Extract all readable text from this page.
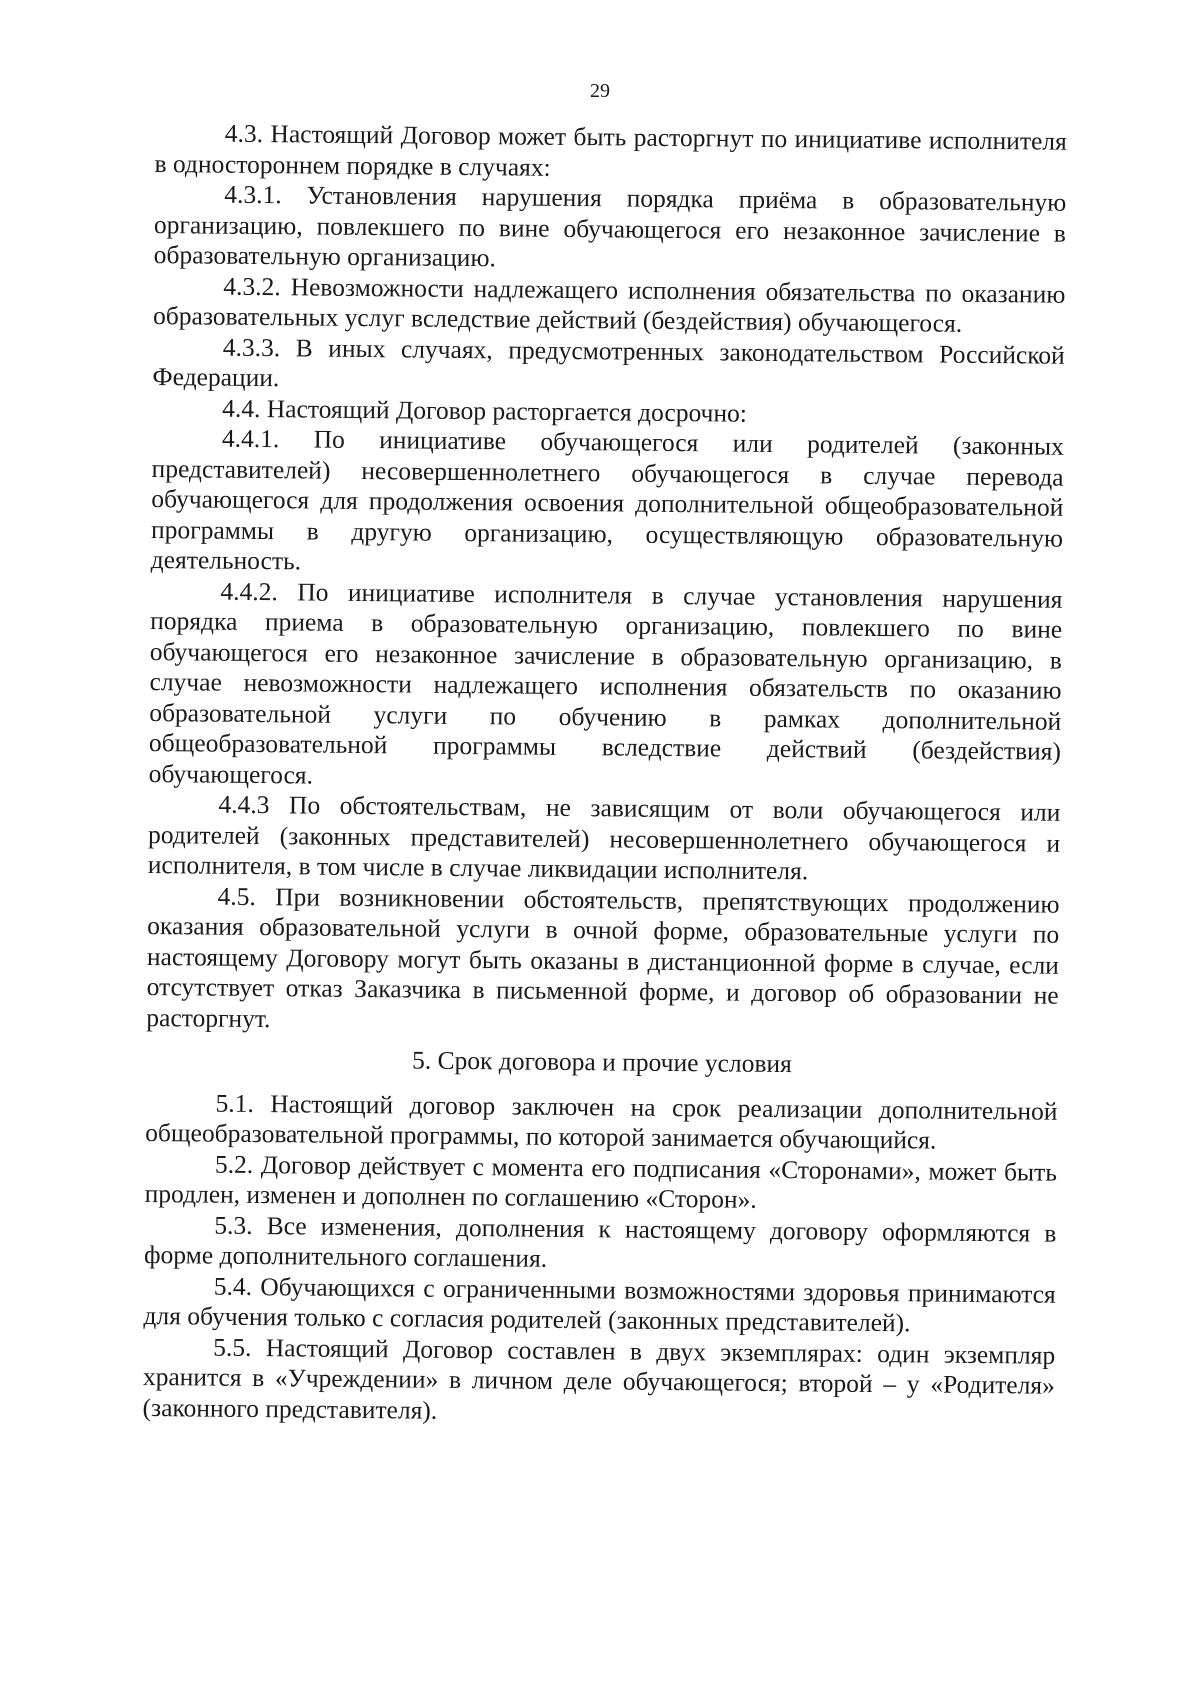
29

4.3. Настоящий Договор может быть расторгнут по инициативе исполнителя в одностороннем порядке в случаях:

4.3.1. Установления нарушения порядка приёма в образовательную организацию, повлекшего по вине обучающегося его незаконное зачисление в образовательную организацию.

4.3.2. Невозможности надлежащего исполнения обязательства по оказанию образовательных услуг вследствие действий (бездействия) обучающегося.

4.3.3. В иных случаях, предусмотренных законодательством Российской Федерации.

4.4. Настоящий Договор расторгается досрочно:

4.4.1. По инициативе обучающегося или родителей (законных представителей) несовершеннолетнего обучающегося в случае перевода обучающегося для продолжения освоения дополнительной общеобразовательной программы в другую организацию, осуществляющую образовательную деятельность.

4.4.2. По инициативе исполнителя в случае установления нарушения порядка приема в образовательную организацию, повлекшего по вине обучающегося его незаконное зачисление в образовательную организацию, в случае невозможности надлежащего исполнения обязательств по оказанию образовательной услуги по обучению в рамках дополнительной общеобразовательной программы вследствие действий (бездействия) обучающегося.

4.4.3 По обстоятельствам, не зависящим от воли обучающегося или родителей (законных представителей) несовершеннолетнего обучающегося и исполнителя, в том числе в случае ликвидации исполнителя.

4.5. При возникновении обстоятельств, препятствующих продолжению оказания образовательной услуги в очной форме, образовательные услуги по настоящему Договору могут быть оказаны в дистанционной форме в случае, если отсутствует отказ Заказчика в письменной форме, и договор об образовании не расторгнут.

5. Срок договора и прочие условия

5.1. Настоящий договор заключен на срок реализации дополнительной общеобразовательной программы, по которой занимается обучающийся.

5.2. Договор действует с момента его подписания «Сторонами», может быть продлен, изменен и дополнен по соглашению «Сторон».

5.3. Все изменения, дополнения к настоящему договору оформляются в форме дополнительного соглашения.

5.4. Обучающихся с ограниченными возможностями здоровья принимаются для обучения только с согласия родителей (законных представителей).

5.5. Настоящий Договор составлен в двух экземплярах: один экземпляр хранится в «Учреждении» в личном деле обучающегося; второй – у «Родителя» (законного представителя).
